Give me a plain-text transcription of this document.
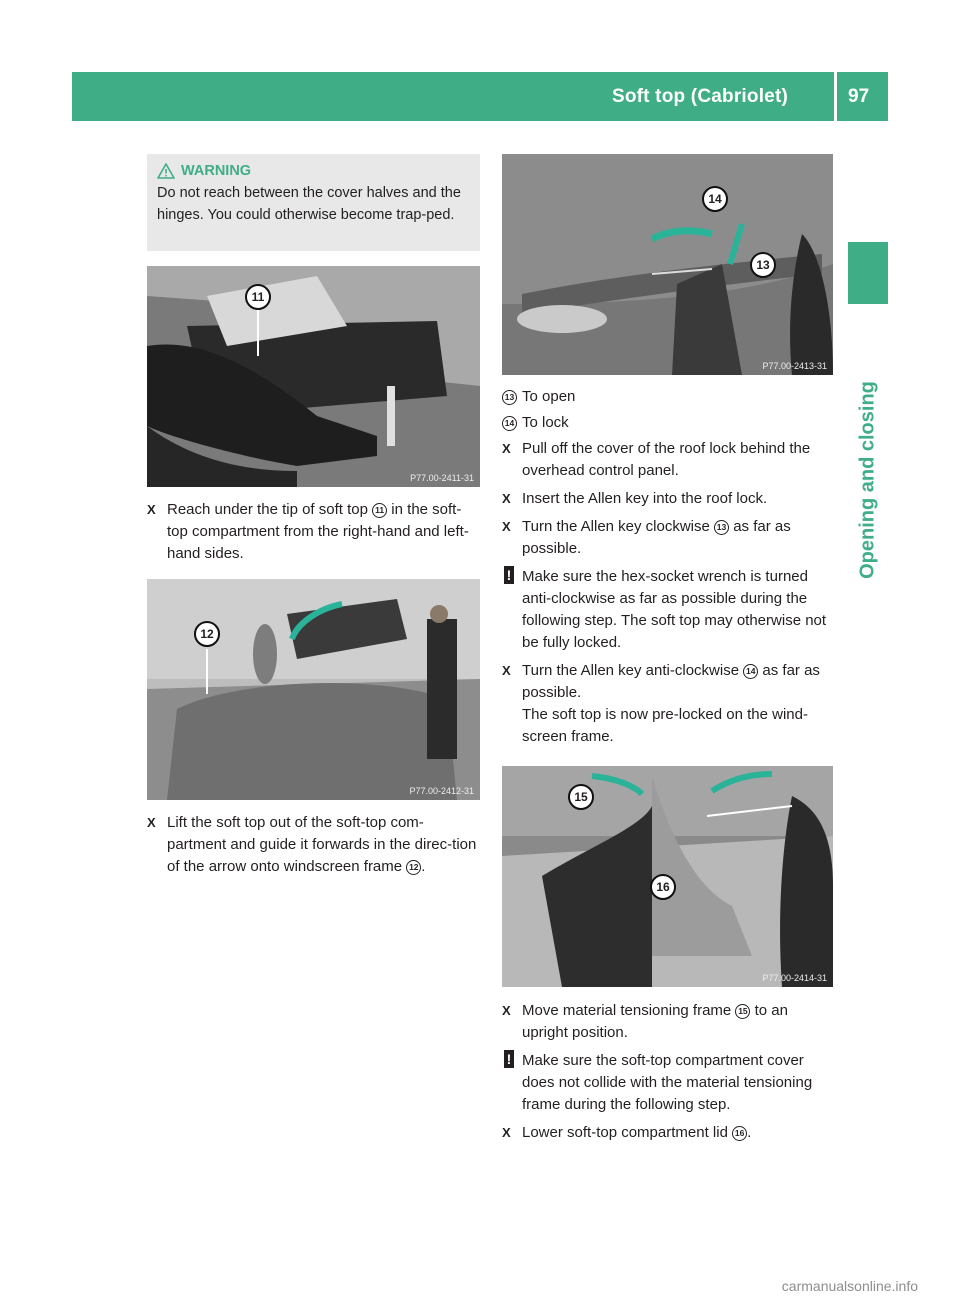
Soft top (Cabriolet)	97
Opening and closing
WARNING
Do not reach between the cover halves and the hinges. You could otherwise become trap-ped.
11
P77.00-2411-31
X Reach under the tip of soft top 11 in the soft-top compartment from the right-hand and left-hand sides.
12
P77.00-2412-31
X Lift the soft top out of the soft-top com-partment and guide it forwards in the direc-tion of the arrow onto windscreen frame 12 .
14
13
P77.00-2413-31
13 To open
14 To lock
X Pull off the cover of the roof lock behind the overhead control panel.
X Insert the Allen key into the roof lock.
X Turn the Allen key clockwise 13 as far as possible.
! Make sure the hex-socket wrench is turned anti-clockwise as far as possible during the following step. The soft top may otherwise not be fully locked.
X Turn the Allen key anti-clockwise 14 as far as possible.
The soft top is now pre-locked on the wind-screen frame.
15
16
P77.00-2414-31
X Move material tensioning frame 15 to an upright position.
! Make sure the soft-top compartment cover does not collide with the material tensioning frame during the following step.
X Lower soft-top compartment lid 16 .
carmanualsonline.info
